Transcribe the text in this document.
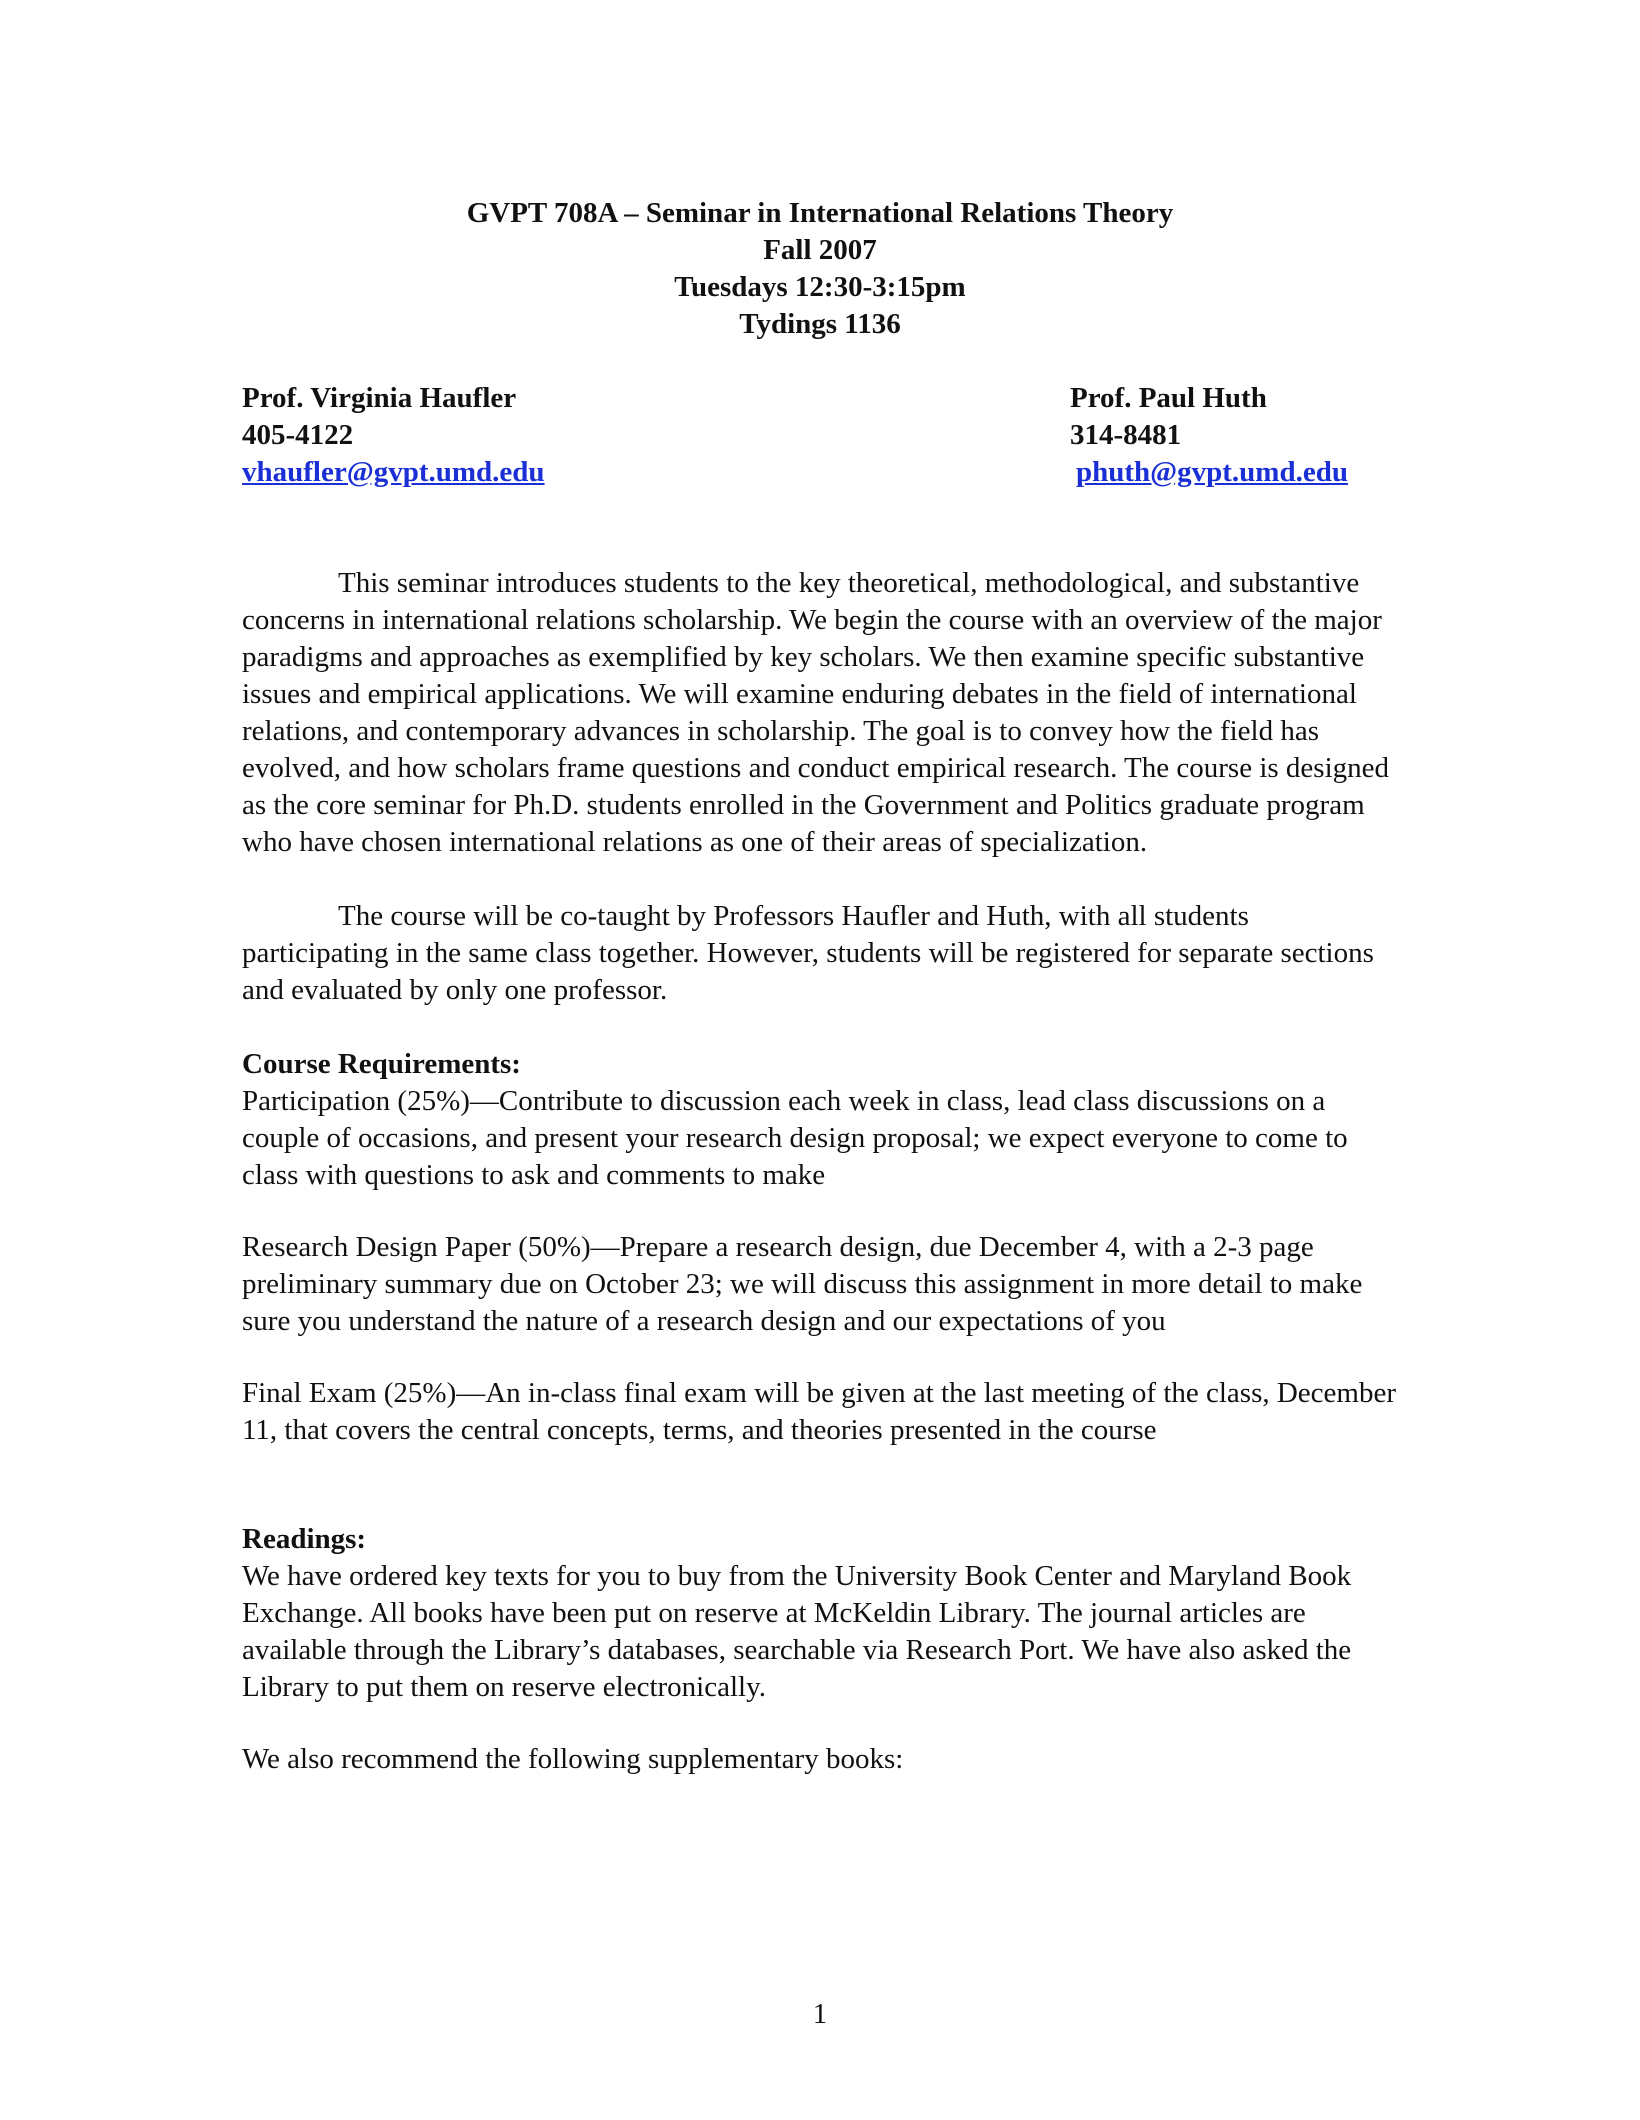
GVPT 708A – Seminar in International Relations Theory
Fall 2007
Tuesdays 12:30-3:15pm
Tydings 1136
Prof. Virginia Haufler
405-4122
vhaufler@gvpt.umd.edu
Prof. Paul Huth
314-8481
phuth@gvpt.umd.edu

This seminar introduces students to the key theoretical, methodological, and substantive concerns in international relations scholarship. We begin the course with an overview of the major paradigms and approaches as exemplified by key scholars. We then examine specific substantive issues and empirical applications. We will examine enduring debates in the field of international relations, and contemporary advances in scholarship. The goal is to convey how the field has evolved, and how scholars frame questions and conduct empirical research. The course is designed as the core seminar for Ph.D. students enrolled in the Government and Politics graduate program who have chosen international relations as one of their areas of specialization.

The course will be co-taught by Professors Haufler and Huth, with all students participating in the same class together. However, students will be registered for separate sections and evaluated by only one professor.

Course Requirements:

Participation (25%)—Contribute to discussion each week in class, lead class discussions on a couple of occasions, and present your research design proposal; we expect everyone to come to class with questions to ask and comments to make

Research Design Paper (50%)—Prepare a research design, due December 4, with a 2-3 page preliminary summary due on October 23; we will discuss this assignment in more detail to make sure you understand the nature of a research design and our expectations of you

Final Exam (25%)—An in-class final exam will be given at the last meeting of the class, December 11, that covers the central concepts, terms, and theories presented in the course

Readings:

We have ordered key texts for you to buy from the University Book Center and Maryland Book Exchange. All books have been put on reserve at McKeldin Library. The journal articles are available through the Library’s databases, searchable via Research Port. We have also asked the Library to put them on reserve electronically.

We also recommend the following supplementary books:

1
